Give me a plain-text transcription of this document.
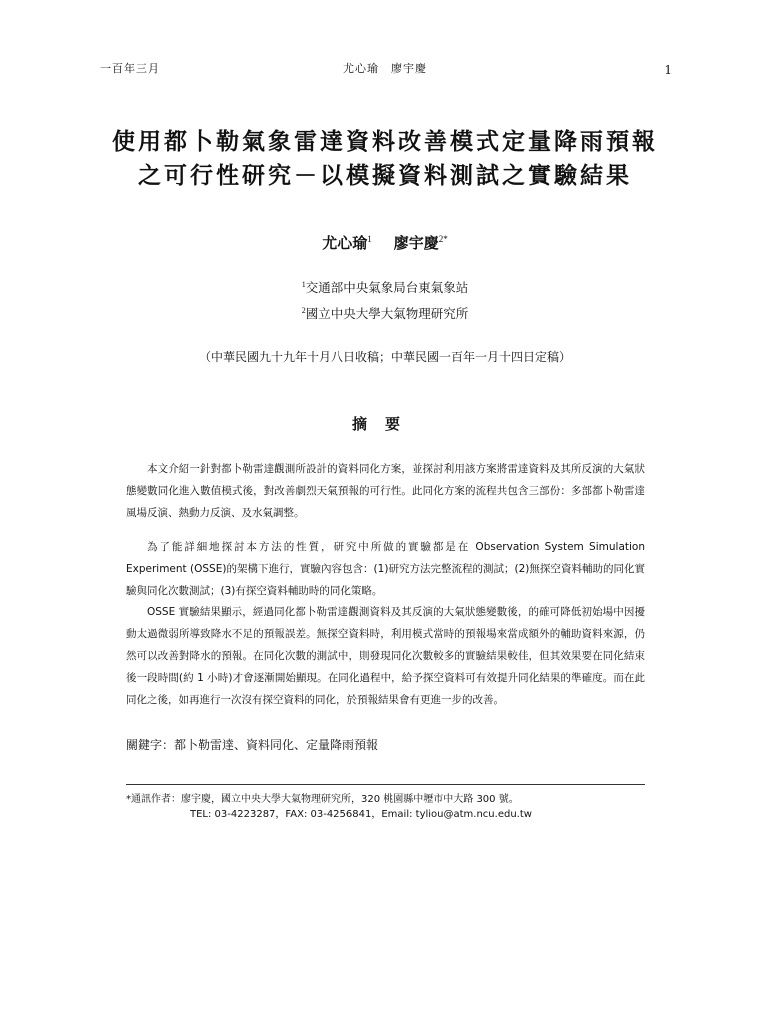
一百年三月	尤心瑜　廖宇慶	1
使用都卜勒氣象雷達資料改善模式定量降雨預報
之可行性研究－以模擬資料測試之實驗結果
尤心瑜$^1$ 廖宇慶$^{2*}$
$^1$交通部中央氣象局台東氣象站
$^2$國立中央大學大氣物理研究所
（中華民國九十九年十月八日收稿；中華民國一百年一月十四日定稿）
摘要

本文介紹一針對都卜勒雷達觀測所設計的資料同化方案，並探討利用該方案將雷達資料及其所反演的大氣狀態變數同化進入數值模式後，對改善劇烈天氣預報的可行性。此同化方案的流程共包含三部份：多部都卜勒雷達風場反演、熱動力反演、及水氣調整。

為了能詳細地探討本方法的性質，研究中所做的實驗都是在 Observation System Simulation Experiment (OSSE)的架構下進行，實驗內容包含：(1)研究方法完整流程的測試；(2)無探空資料輔助的同化實驗與同化次數測試；(3)有探空資料輔助時的同化策略。

OSSE 實驗結果顯示，經過同化都卜勒雷達觀測資料及其反演的大氣狀態變數後，的確可降低初始場中因擾動太過微弱所導致降水不足的預報誤差。無探空資料時，利用模式當時的預報場來當成額外的輔助資料來源，仍然可以改善對降水的預報。在同化次數的測試中，則發現同化次數較多的實驗結果較佳，但其效果要在同化結束後一段時間(約 1 小時)才會逐漸開始顯現。在同化過程中，給予探空資料可有效提升同化結果的準確度。而在此同化之後，如再進行一次沒有探空資料的同化，於預報結果會有更進一步的改善。

關鍵字：都卜勒雷達、資料同化、定量降雨預報
*通訊作者：廖宇慶，國立中央大學大氣物理研究所，320 桃園縣中壢市中大路 300 號。
TEL: 03-4223287，FAX: 03-4256841，Email: tyliou@atm.ncu.edu.tw
